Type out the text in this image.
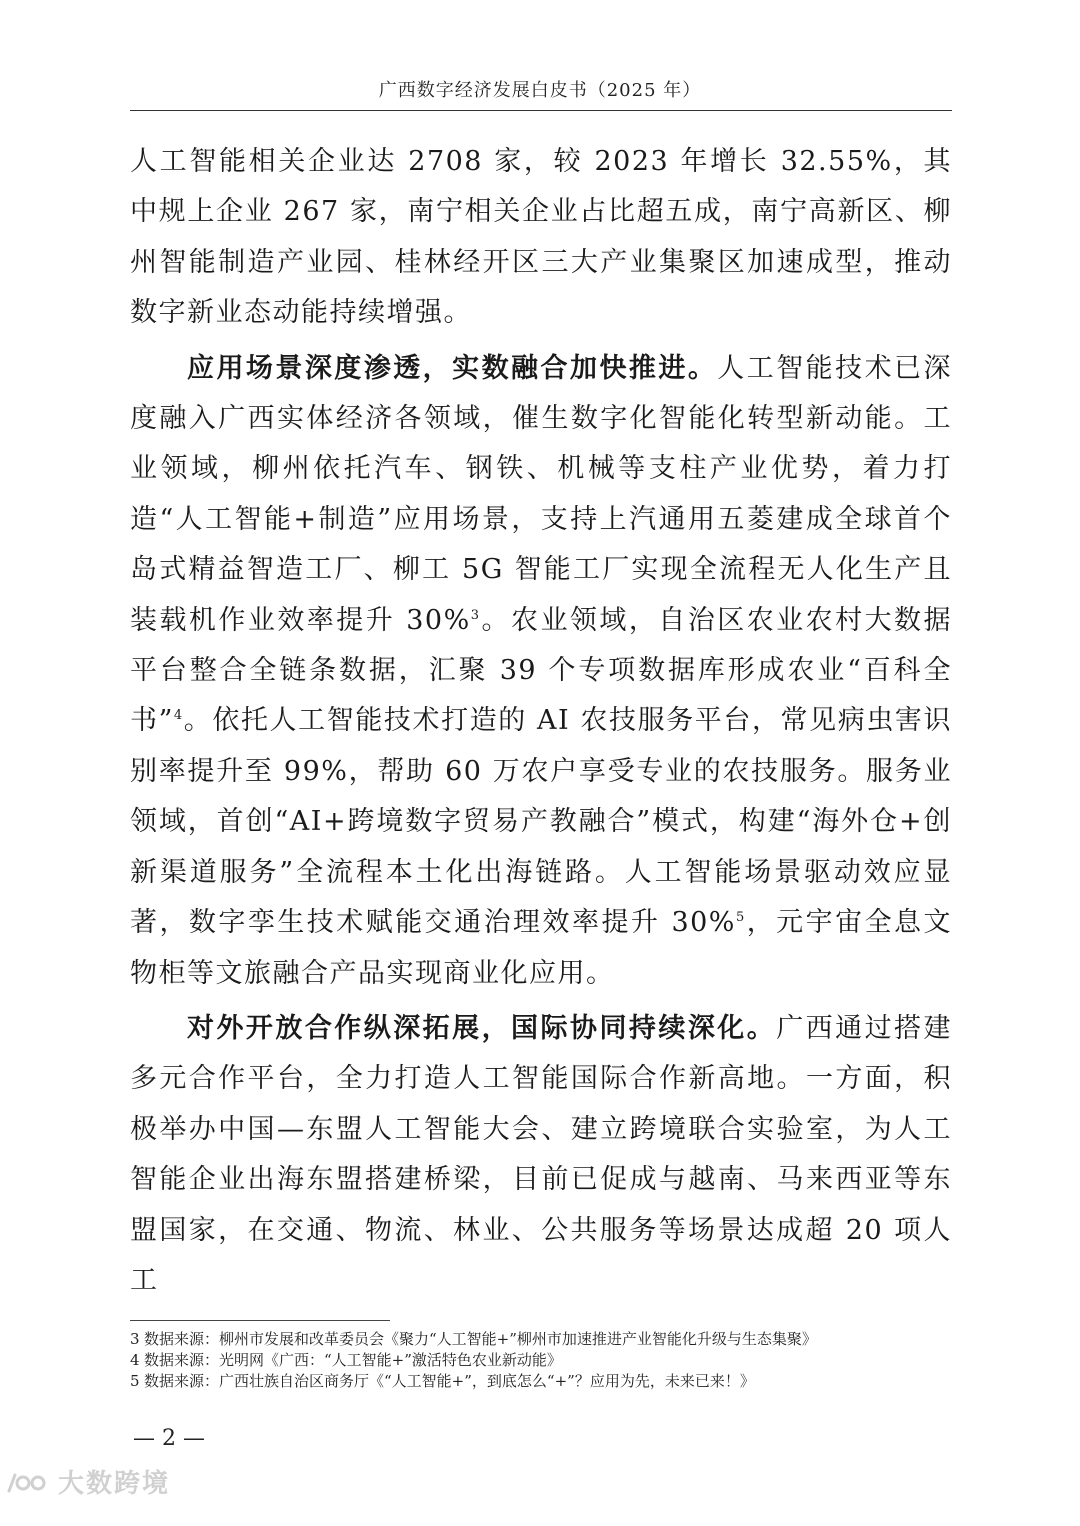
广西数字经济发展白皮书（2025 年）

人工智能相关企业达 2708 家，较 2023 年增长 32.55%，其中规上企业 267 家，南宁相关企业占比超五成，南宁高新区、柳州智能制造产业园、桂林经开区三大产业集聚区加速成型，推动数字新业态动能持续增强。

应用场景深度渗透，实数融合加快推进。人工智能技术已深度融入广西实体经济各领域，催生数字化智能化转型新动能。工业领域，柳州依托汽车、钢铁、机械等支柱产业优势，着力打造“人工智能+制造”应用场景，支持上汽通用五菱建成全球首个岛式精益智造工厂、柳工 5G 智能工厂实现全流程无人化生产且装载机作业效率提升 30%$^3$。农业领域，自治区农业农村大数据平台整合全链条数据，汇聚 39 个专项数据库形成农业“百科全书”$^4$。依托人工智能技术打造的 AI 农技服务平台，常见病虫害识别率提升至 99%，帮助 60 万农户享受专业的农技服务。服务业领域，首创“AI+跨境数字贸易产教融合”模式，构建“海外仓+创新渠道服务”全流程本土化出海链路。人工智能场景驱动效应显著，数字孪生技术赋能交通治理效率提升 30%$^5$，元宇宙全息文物柜等文旅融合产品实现商业化应用。

对外开放合作纵深拓展，国际协同持续深化。广西通过搭建多元合作平台，全力打造人工智能国际合作新高地。一方面，积极举办中国—东盟人工智能大会、建立跨境联合实验室，为人工智能企业出海东盟搭建桥梁，目前已促成与越南、马来西亚等东盟国家，在交通、物流、林业、公共服务等场景达成超 20 项人工

3 数据来源：柳州市发展和改革委员会《聚力“人工智能+”柳州市加速推进产业智能化升级与生态集聚》
4 数据来源：光明网《广西：“人工智能+”激活特色农业新动能》
5 数据来源：广西壮族自治区商务厅《“人工智能+”，到底怎么“+”？应用为先，未来已来！》
— 2 —
大数跨境
